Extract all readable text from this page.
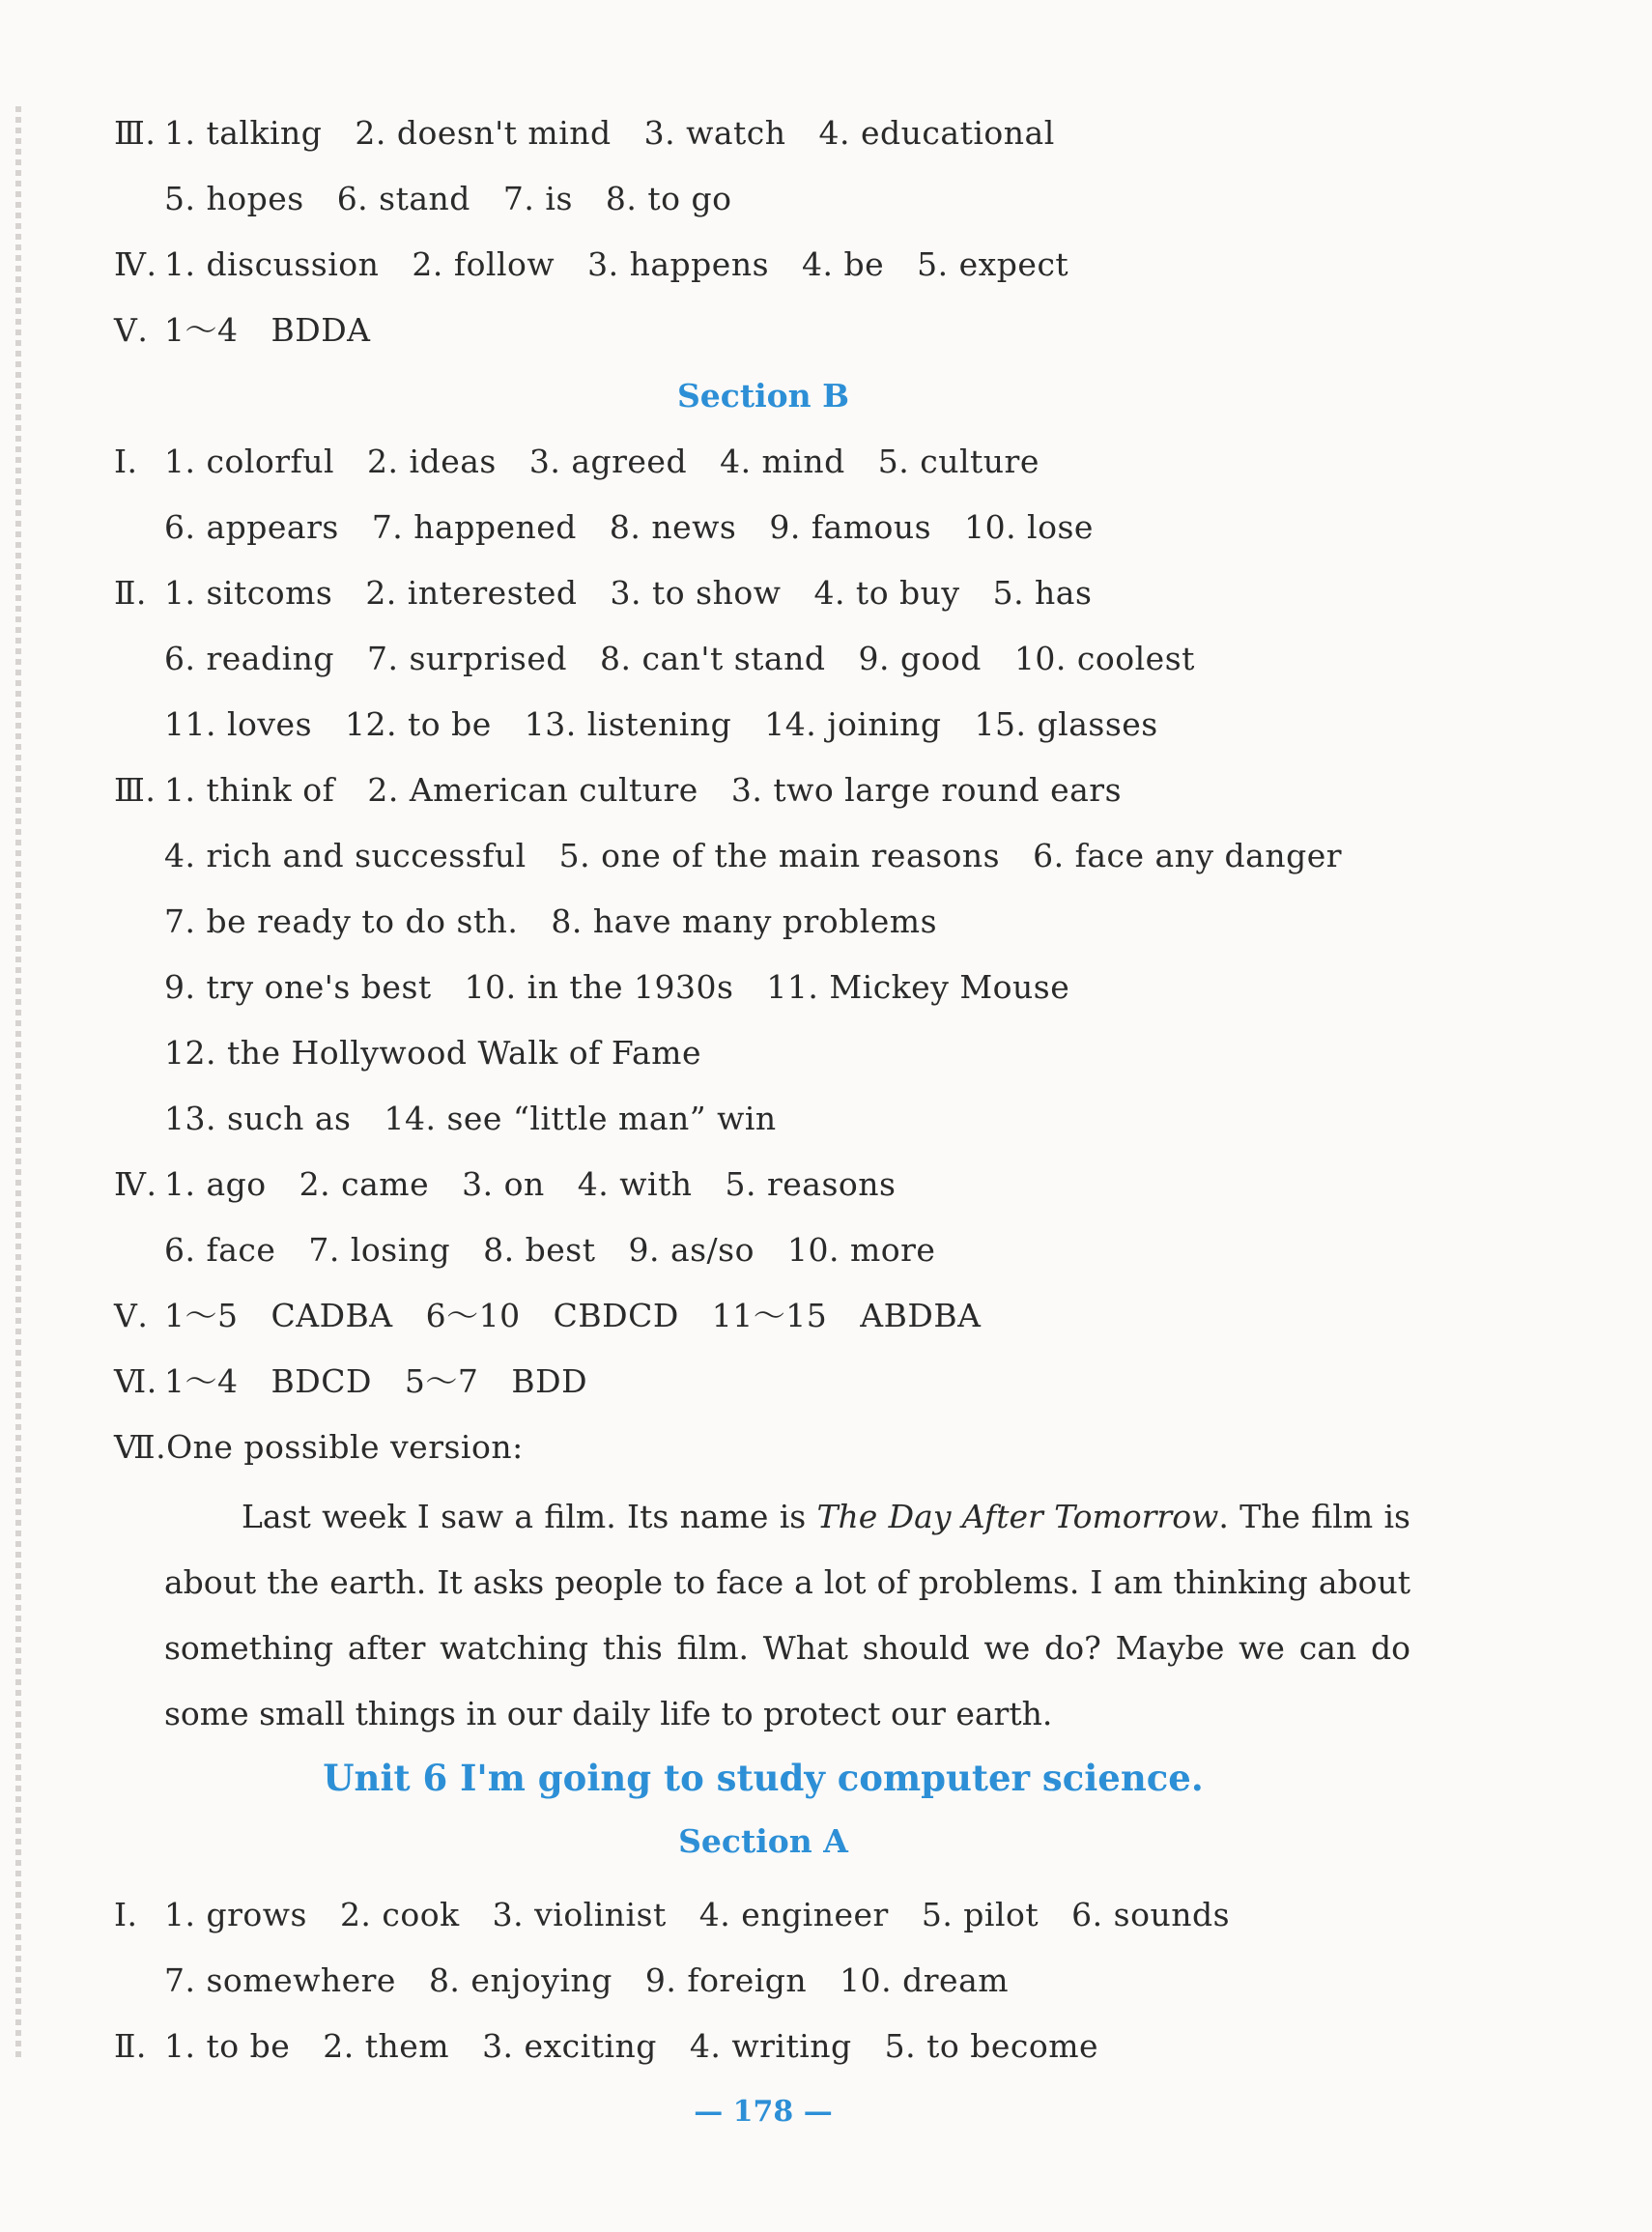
Ⅲ. 1. talking 2. doesn't mind 3. watch 4. educational
5. hopes 6. stand 7. is 8. to go
Ⅳ. 1. discussion 2. follow 3. happens 4. be 5. expect
Ⅴ. 1～4 BDDA
Section B
Ⅰ. 1. colorful 2. ideas 3. agreed 4. mind 5. culture
6. appears 7. happened 8. news 9. famous 10. lose
Ⅱ. 1. sitcoms 2. interested 3. to show 4. to buy 5. has
6. reading 7. surprised 8. can't stand 9. good 10. coolest
11. loves 12. to be 13. listening 14. joining 15. glasses
Ⅲ. 1. think of 2. American culture 3. two large round ears
4. rich and successful 5. one of the main reasons 6. face any danger
7. be ready to do sth. 8. have many problems
9. try one's best 10. in the 1930s 11. Mickey Mouse
12. the Hollywood Walk of Fame
13. such as 14. see “little man” win
Ⅳ. 1. ago 2. came 3. on 4. with 5. reasons
6. face 7. losing 8. best 9. as/so 10. more
Ⅴ. 1～5 CADBA 6～10 CBDCD 11～15 ABDBA
Ⅵ. 1～4 BDCD 5～7 BDD
Ⅶ.One possible version:
Last week I saw a film. Its name is The Day After Tomorrow. The film is about the earth. It asks people to face a lot of problems. I am thinking about something after watching this film. What should we do? Maybe we can do some small things in our daily life to protect our earth.
Unit 6 I'm going to study computer science.
Section A
Ⅰ. 1. grows 2. cook 3. violinist 4. engineer 5. pilot 6. sounds
7. somewhere 8. enjoying 9. foreign 10. dream
Ⅱ. 1. to be 2. them 3. exciting 4. writing 5. to become
— 178 —
